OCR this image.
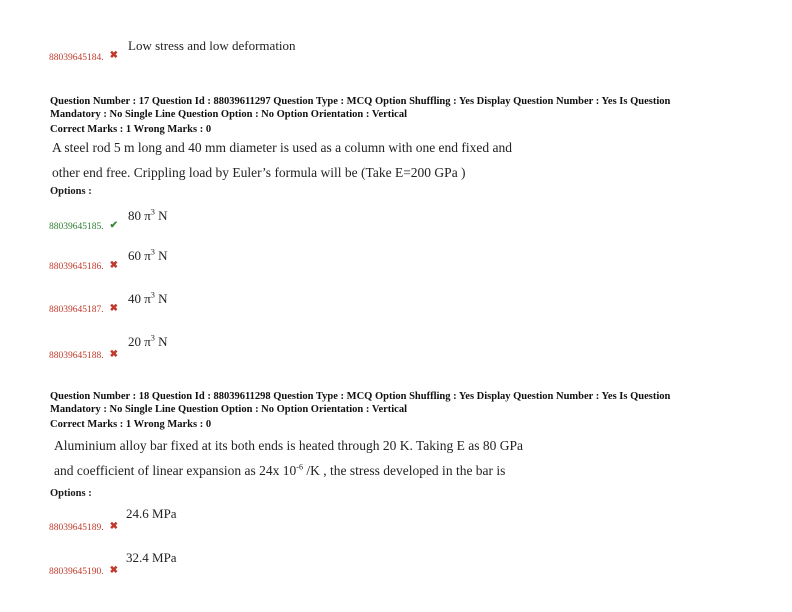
$_{88039645184.}$ $_✖$ Low stress and low deformation
Question Number : 17 Question Id : 88039611297 Question Type : MCQ Option Shuffling : Yes Display Question Number : Yes Is Question
Mandatory : No Single Line Question Option : No Option Orientation : Vertical
Correct Marks : 1 Wrong Marks : 0
A steel rod 5 m long and 40 mm diameter is used as a column with one end fixed and
other end free. Crippling load by Euler’s formula will be (Take E=200 GPa )
Options :
$_{88039645185.}$ $_✔$ 80 $\pi^3$ N
$_{88039645186.}$ $_✖$ 60 $\pi^3$ N
$_{88039645187.}$ $_✖$ 40 $\pi^3$ N
$_{88039645188.}$ $_✖$ 20 $\pi^3$ N
Question Number : 18 Question Id : 88039611298 Question Type : MCQ Option Shuffling : Yes Display Question Number : Yes Is Question
Mandatory : No Single Line Question Option : No Option Orientation : Vertical
Correct Marks : 1 Wrong Marks : 0
Aluminium alloy bar fixed at its both ends is heated through 20 K. Taking E as 80 GPa
and coefficient of linear expansion as 24x $10^{-6}$ /K , the stress developed in the bar is
Options :
$_{88039645189.}$ $_✖$ 24.6 MPa
$_{88039645190.}$ $_✖$ 32.4 MPa
